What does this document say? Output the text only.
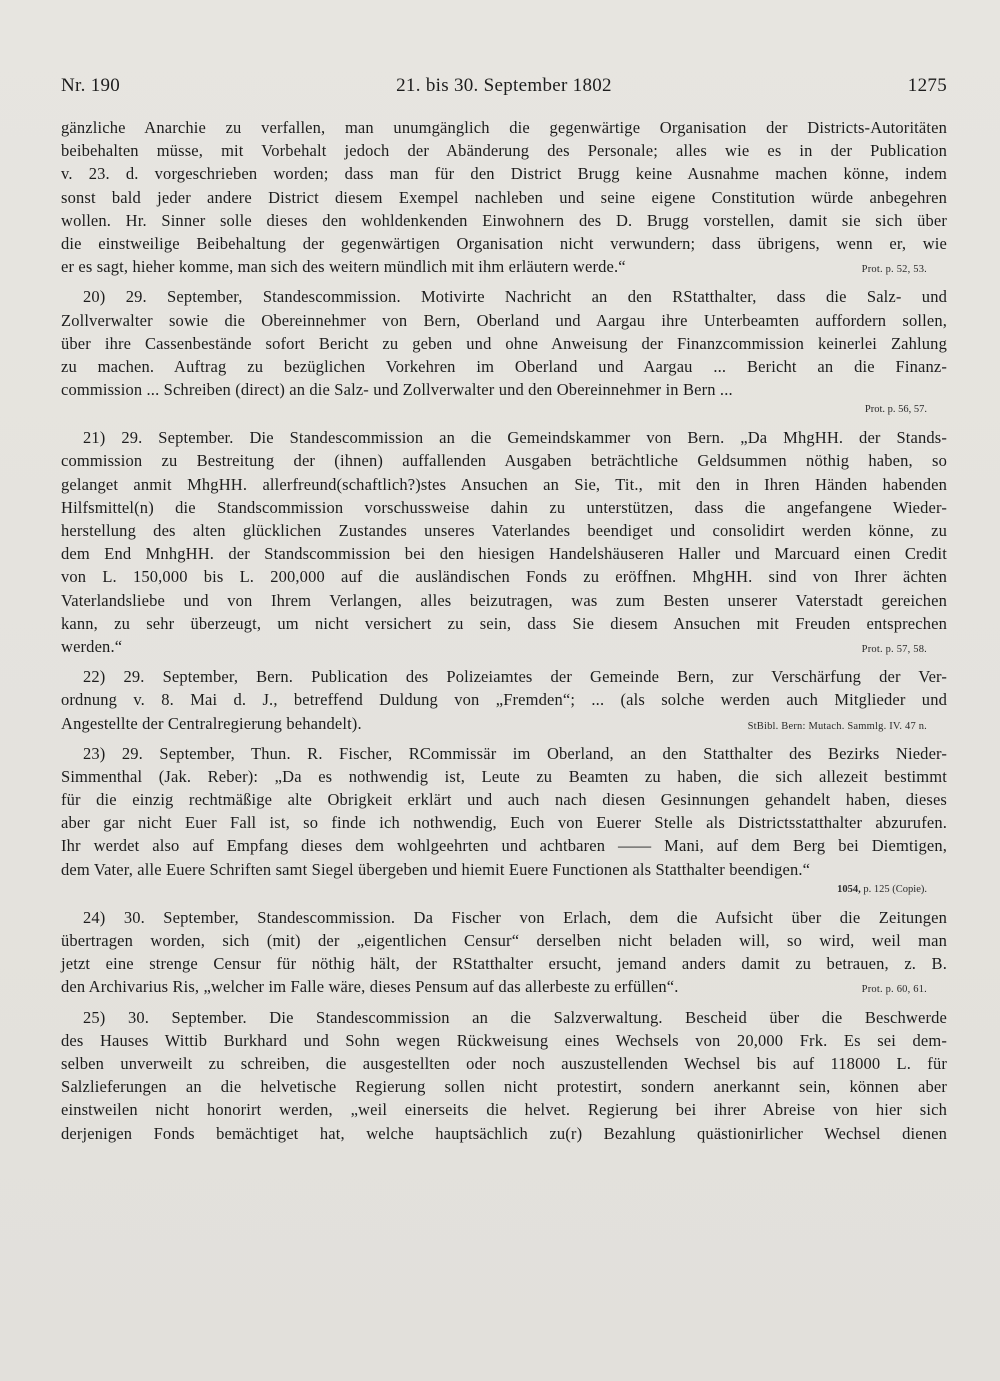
Nr. 190	21. bis 30. September 1802	1275
gänzliche Anarchie zu verfallen, man unumgänglich die gegenwärtige Organisation der Districts-Autoritäten
beibehalten müsse, mit Vorbehalt jedoch der Abänderung des Personale; alles wie es in der Publication
v. 23. d. vorgeschrieben worden; dass man für den District Brugg keine Ausnahme machen könne, indem
sonst bald jeder andere District diesem Exempel nachleben und seine eigene Constitution würde anbegehren
wollen. Hr. Sinner solle dieses den wohldenkenden Einwohnern des D. Brugg vorstellen, damit sie sich über
die einstweilige Beibehaltung der gegenwärtigen Organisation nicht verwundern; dass übrigens, wenn er, wie
er es sagt, hieher komme, man sich des weitern mündlich mit ihm erläutern werde.“	Prot. p. 52, 53.
20) 29. September, Standescommission. Motivirte Nachricht an den RStatthalter, dass die Salz- und
Zollverwalter sowie die Obereinnehmer von Bern, Oberland und Aargau ihre Unterbeamten auffordern sollen,
über ihre Cassenbestände sofort Bericht zu geben und ohne Anweisung der Finanzcommission keinerlei Zahlung
zu machen. Auftrag zu bezüglichen Vorkehren im Oberland und Aargau ... Bericht an die Finanz-
commission ... Schreiben (direct) an die Salz- und Zollverwalter und den Obereinnehmer in Bern ...
Prot. p. 56, 57.
21) 29. September. Die Standescommission an die Gemeindskammer von Bern. „Da MhgHH. der Stands-
commission zu Bestreitung der (ihnen) auffallenden Ausgaben beträchtliche Geldsummen nöthig haben, so
gelanget anmit MhgHH. allerfreund(schaftlich?)stes Ansuchen an Sie, Tit., mit den in Ihren Händen habenden
Hilfsmittel(n) die Standscommission vorschussweise dahin zu unterstützen, dass die angefangene Wieder-
herstellung des alten glücklichen Zustandes unseres Vaterlandes beendiget und consolidirt werden könne, zu
dem End MnhgHH. der Standscommission bei den hiesigen Handelshäuseren Haller und Marcuard einen Credit
von L. 150,000 bis L. 200,000 auf die ausländischen Fonds zu eröffnen. MhgHH. sind von Ihrer ächten
Vaterlandsliebe und von Ihrem Verlangen, alles beizutragen, was zum Besten unserer Vaterstadt gereichen
kann, zu sehr überzeugt, um nicht versichert zu sein, dass Sie diesem Ansuchen mit Freuden entsprechen
werden.“	Prot. p. 57, 58.
22) 29. September, Bern. Publication des Polizeiamtes der Gemeinde Bern, zur Verschärfung der Ver-
ordnung v. 8. Mai d. J., betreffend Duldung von „Fremden“; ... (als solche werden auch Mitglieder und
Angestellte der Centralregierung behandelt).	StBibl. Bern: Mutach. Sammlg. IV. 47 n.
23) 29. September, Thun. R. Fischer, RCommissär im Oberland, an den Statthalter des Bezirks Nieder-
Simmenthal (Jak. Reber): „Da es nothwendig ist, Leute zu Beamten zu haben, die sich allezeit bestimmt
für die einzig rechtmäßige alte Obrigkeit erklärt und auch nach diesen Gesinnungen gehandelt haben, dieses
aber gar nicht Euer Fall ist, so finde ich nothwendig, Euch von Euerer Stelle als Districtsstatthalter abzurufen.
Ihr werdet also auf Empfang dieses dem wohlgeehrten und achtbaren —— Mani, auf dem Berg bei Diemtigen,
dem Vater, alle Euere Schriften samt Siegel übergeben und hiemit Euere Functionen als Statthalter beendigen.“
1054, p. 125 (Copie).
24) 30. September, Standescommission. Da Fischer von Erlach, dem die Aufsicht über die Zeitungen
übertragen worden, sich (mit) der „eigentlichen Censur“ derselben nicht beladen will, so wird, weil man
jetzt eine strenge Censur für nöthig hält, der RStatthalter ersucht, jemand anders damit zu betrauen, z. B.
den Archivarius Ris, „welcher im Falle wäre, dieses Pensum auf das allerbeste zu erfüllen“.	Prot. p. 60, 61.
25) 30. September. Die Standescommission an die Salzverwaltung. Bescheid über die Beschwerde
des Hauses Wittib Burkhard und Sohn wegen Rückweisung eines Wechsels von 20,000 Frk. Es sei dem-
selben unverweilt zu schreiben, die ausgestellten oder noch auszustellenden Wechsel bis auf 118000 L. für
Salzlieferungen an die helvetische Regierung sollen nicht protestirt, sondern anerkannt sein, können aber
einstweilen nicht honorirt werden, „weil einerseits die helvet. Regierung bei ihrer Abreise von hier sich
derjenigen Fonds bemächtiget hat, welche hauptsächlich zu(r) Bezahlung quästionirlicher Wechsel dienen
